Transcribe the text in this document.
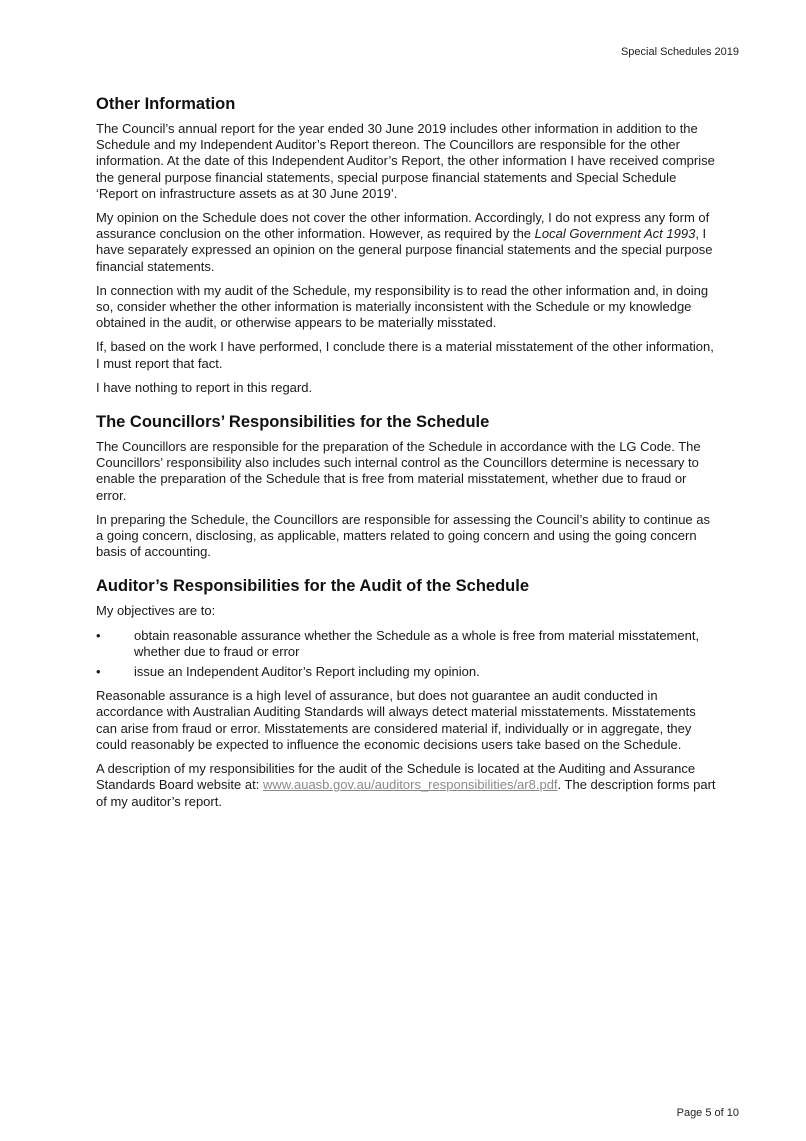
Special Schedules 2019
Other Information

The Council’s annual report for the year ended 30 June 2019 includes other information in addition to the Schedule and my Independent Auditor’s Report thereon. The Councillors are responsible for the other information. At the date of this Independent Auditor’s Report, the other information I have received comprise the general purpose financial statements, special purpose financial statements and Special Schedule ‘Report on infrastructure assets as at 30 June 2019’.

My opinion on the Schedule does not cover the other information. Accordingly, I do not express any form of assurance conclusion on the other information. However, as required by the Local Government Act 1993, I have separately expressed an opinion on the general purpose financial statements and the special purpose financial statements.

In connection with my audit of the Schedule, my responsibility is to read the other information and, in doing so, consider whether the other information is materially inconsistent with the Schedule or my knowledge obtained in the audit, or otherwise appears to be materially misstated.

If, based on the work I have performed, I conclude there is a material misstatement of the other information, I must report that fact.

I have nothing to report in this regard.

The Councillors’ Responsibilities for the Schedule

The Councillors are responsible for the preparation of the Schedule in accordance with the LG Code. The Councillors’ responsibility also includes such internal control as the Councillors determine is necessary to enable the preparation of the Schedule that is free from material misstatement, whether due to fraud or error.

In preparing the Schedule, the Councillors are responsible for assessing the Council’s ability to continue as a going concern, disclosing, as applicable, matters related to going concern and using the going concern basis of accounting.

Auditor’s Responsibilities for the Audit of the Schedule

My objectives are to:

•	obtain reasonable assurance whether the Schedule as a whole is free from material misstatement, whether due to fraud or error
•	issue an Independent Auditor’s Report including my opinion.

Reasonable assurance is a high level of assurance, but does not guarantee an audit conducted in accordance with Australian Auditing Standards will always detect material misstatements. Misstatements can arise from fraud or error. Misstatements are considered material if, individually or in aggregate, they could reasonably be expected to influence the economic decisions users take based on the Schedule.

A description of my responsibilities for the audit of the Schedule is located at the Auditing and Assurance Standards Board website at: www.auasb.gov.au/auditors_responsibilities/ar8.pdf. The description forms part of my auditor’s report.

Page 5 of 10
